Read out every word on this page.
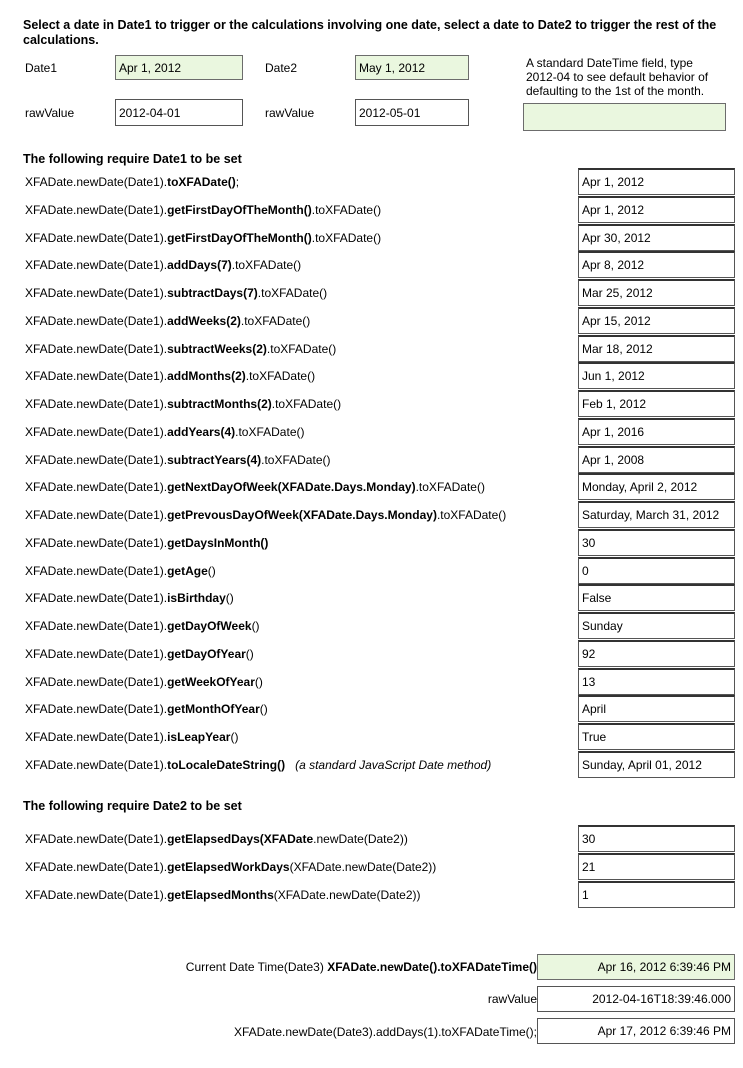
Select a date in Date1 to trigger or the calculations involving one date, select a date to Date2 to trigger the rest of the calculations.
Date1	Apr 1, 2012	Date2	May 1, 2012
rawValue	2012-04-01	rawValue	2012-05-01
A standard DateTime field, type 2012-04 to see default behavior of defaulting to the 1st of the month.
The following require Date1 to be set
XFADate.newDate(Date1).toXFADate();	Apr 1, 2012
XFADate.newDate(Date1).getFirstDayOfTheMonth().toXFADate()	Apr 1, 2012
XFADate.newDate(Date1).getFirstDayOfTheMonth().toXFADate()	Apr 30, 2012
XFADate.newDate(Date1).addDays(7).toXFADate()	Apr 8, 2012
XFADate.newDate(Date1).subtractDays(7).toXFADate()	Mar 25, 2012
XFADate.newDate(Date1).addWeeks(2).toXFADate()	Apr 15, 2012
XFADate.newDate(Date1).subtractWeeks(2).toXFADate()	Mar 18, 2012
XFADate.newDate(Date1).addMonths(2).toXFADate()	Jun 1, 2012
XFADate.newDate(Date1).subtractMonths(2).toXFADate()	Feb 1, 2012
XFADate.newDate(Date1).addYears(4).toXFADate()	Apr 1, 2016
XFADate.newDate(Date1).subtractYears(4).toXFADate()	Apr 1, 2008
XFADate.newDate(Date1).getNextDayOfWeek(XFADate.Days.Monday).toXFADate()	Monday, April 2, 2012
XFADate.newDate(Date1).getPrevousDayOfWeek(XFADate.Days.Monday).toXFADate()	Saturday, March 31, 2012
XFADate.newDate(Date1).getDaysInMonth()	30
XFADate.newDate(Date1).getAge()	0
XFADate.newDate(Date1).isBirthday()	False
XFADate.newDate(Date1).getDayOfWeek()	Sunday
XFADate.newDate(Date1).getDayOfYear()	92
XFADate.newDate(Date1).getWeekOfYear()	13
XFADate.newDate(Date1).getMonthOfYear()	April
XFADate.newDate(Date1).isLeapYear()	True
XFADate.newDate(Date1).toLocaleDateString() (a standard JavaScript Date method)	Sunday, April 01, 2012
The following require Date2 to be set
XFADate.newDate(Date1).getElapsedDays(XFADate.newDate(Date2))	30
XFADate.newDate(Date1).getElapsedWorkDays(XFADate.newDate(Date2))	21
XFADate.newDate(Date1).getElapsedMonths(XFADate.newDate(Date2))	1
Current Date Time(Date3) XFADate.newDate().toXFADateTime()	Apr 16, 2012 6:39:46 PM
rawValue	2012-04-16T18:39:46.000
XFADate.newDate(Date3).addDays(1).toXFADateTime();	Apr 17, 2012 6:39:46 PM
